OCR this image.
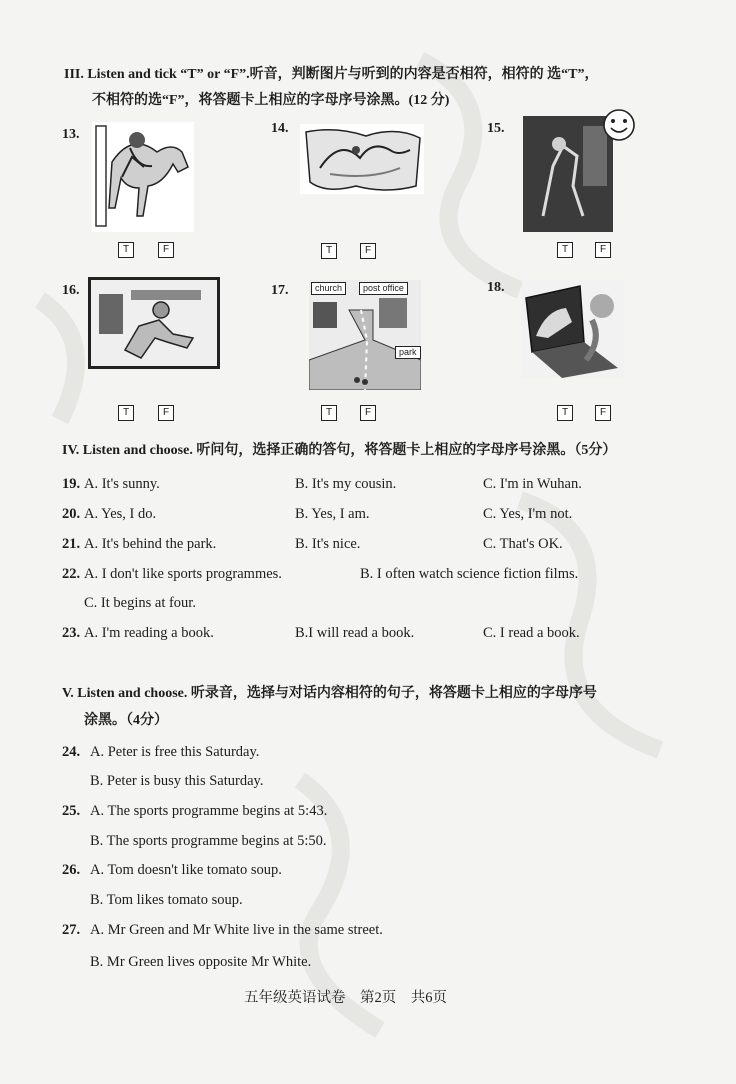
III. Listen and tick “T” or “F”.听音，判断图片与听到的内容是否相符，相符的 选“T”，
不相符的选“F”，将答题卡上相应的字母序号涂黑。(12 分)
13.
T	F
14.
T	F
15.
T	F
16.
T	F
17.	church	post office
park
T	F
18.
T	F
IV. Listen and choose. 听问句，选择正确的答句，将答题卡上相应的字母序号涂黑。（5分）
19. A. It's sunny.	B. It's my cousin.	C. I'm in Wuhan.
20. A. Yes, I do.	B. Yes, I am.	C. Yes, I'm not.
21. A. It's behind the park.	B. It's nice.	C. That's OK.
22. A. I don't like sports programmes.	B. I often watch science fiction films.
C. It begins at four.
23. A. I'm reading a book.	B.I will read a book.	C. I read a book.
V. Listen and choose. 听录音，选择与对话内容相符的句子，将答题卡上相应的字母序号
涂黑。（4分）
24. A. Peter is free this Saturday.
B. Peter is busy this Saturday.
25. A. The sports programme begins at 5:43.
B. The sports programme begins at 5:50.
26. A. Tom doesn't like tomato soup.
B. Tom likes tomato soup.
27. A. Mr Green and Mr White live in the same street.
B. Mr Green lives opposite Mr White.
五年级英语试卷　第2页　共6页
